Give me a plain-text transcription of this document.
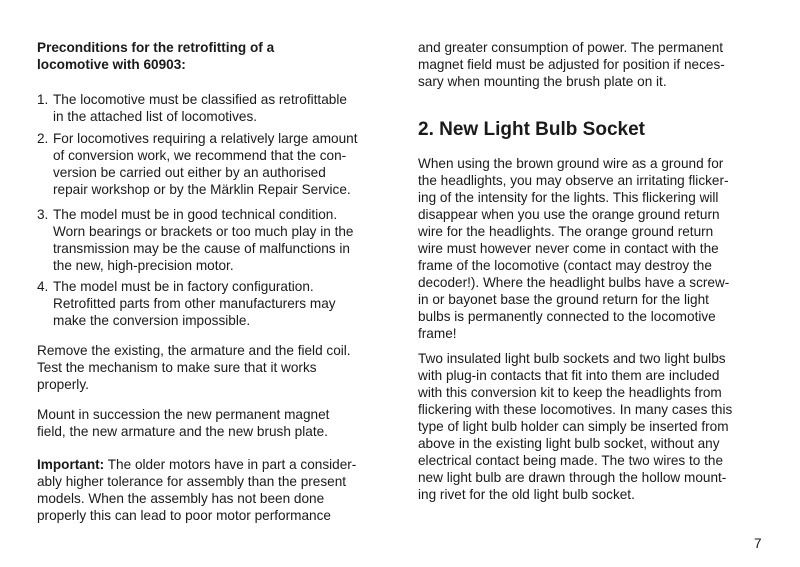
Preconditions for the retrofitting of a
locomotive with 60903:
1. The locomotive must be classified as retrofittable
in the attached list of locomotives.
2. For locomotives requiring a relatively large amount
of conversion work, we recommend that the con-
version be carried out either by an authorised
repair workshop or by the Märklin Repair Service.
3. The model must be in good technical condition.
Worn bearings or brackets or too much play in the
transmission may be the cause of malfunctions in
the new, high-precision motor.
4. The model must be in factory configuration.
Retrofitted parts from other manufacturers may
make the conversion impossible.
Remove the existing, the armature and the field coil.
Test the mechanism to make sure that it works
properly.
Mount in succession the new permanent magnet
field, the new armature and the new brush plate.
Important: The older motors have in part a consider-
ably higher tolerance for assembly than the present
models. When the assembly has not been done
properly this can lead to poor motor performance
and greater consumption of power. The permanent
magnet field must be adjusted for position if neces-
sary when mounting the brush plate on it.
2. New Light Bulb Socket
When using the brown ground wire as a ground for
the headlights, you may observe an irritating flicker-
ing of the intensity for the lights. This flickering will
disappear when you use the orange ground return
wire for the headlights. The orange ground return
wire must however never come in contact with the
frame of the locomotive (contact may destroy the
decoder!). Where the headlight bulbs have a screw-
in or bayonet base the ground return for the light
bulbs is permanently connected to the locomotive
frame!
Two insulated light bulb sockets and two light bulbs
with plug-in contacts that fit into them are included
with this conversion kit to keep the headlights from
flickering with these locomotives. In many cases this
type of light bulb holder can simply be inserted from
above in the existing light bulb socket, without any
electrical contact being made. The two wires to the
new light bulb are drawn through the hollow mount-
ing rivet for the old light bulb socket.
7
